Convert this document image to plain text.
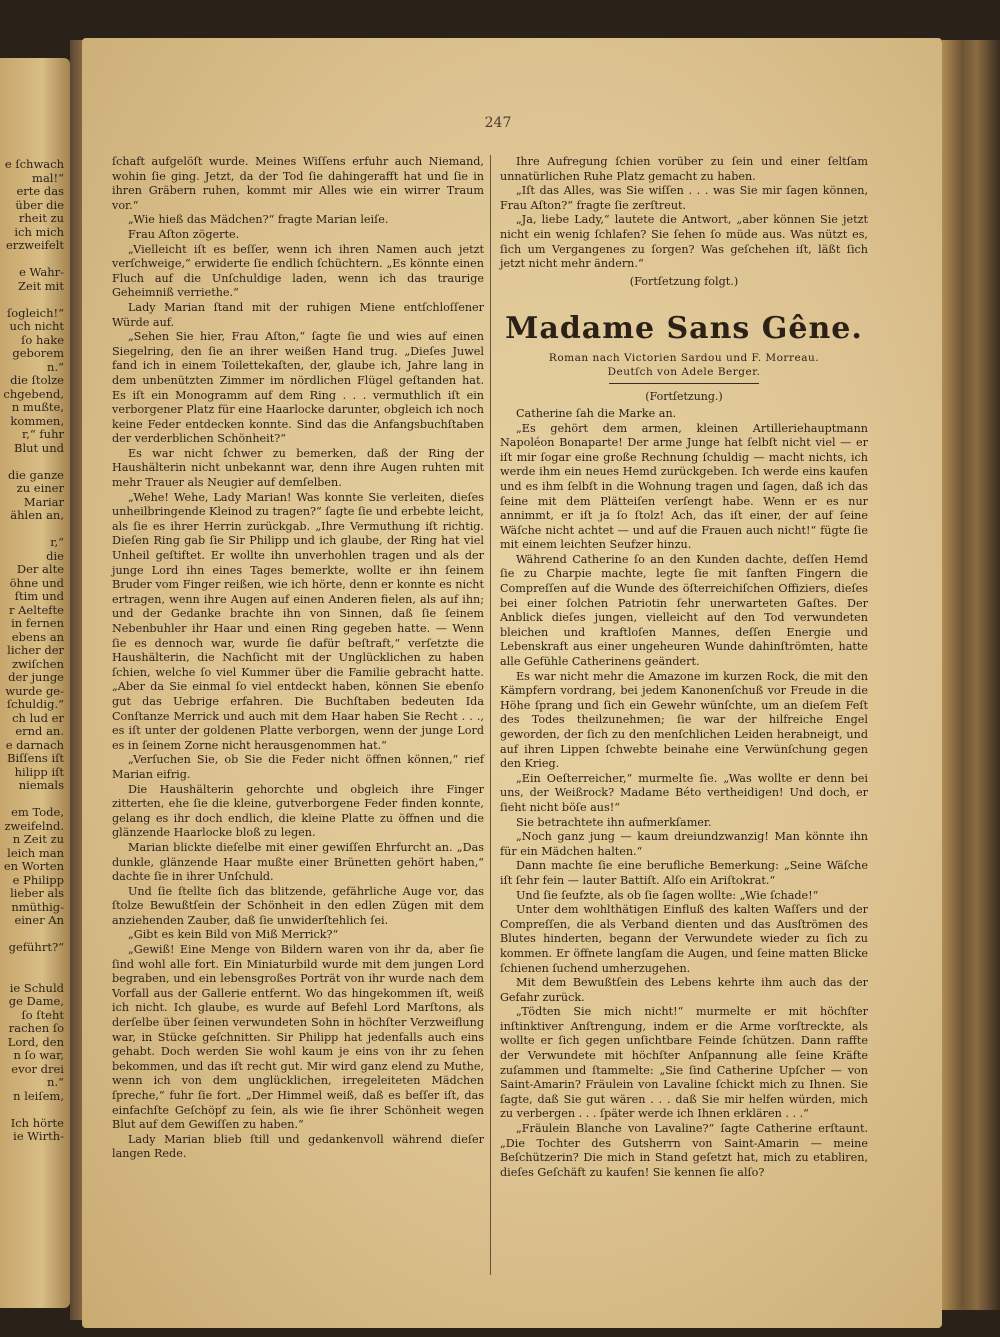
e ſchwach
mal!“
erte das
über die
rheit zu
ich mich
erzweifelt
e Wahr-
Zeit mit
ſogleich!“
uch nicht
ſo hake
geborem
n.“
die ſtolze
chgebend,
n mußte,
kommen,
r,“ fuhr
Blut und
die ganze
zu einer
Mariar
ählen an,
r,“
die
Der alte
öhne und
ſtim und
r Aeltefte
in fernen
ebens an
licher der
zwiſchen
der junge
wurde ge-
ſchuldig.“
ch lud er
ernd an.
e darnach
Biſſens iſt
hilipp iſt
niemals
em Tode,
zweifelnd.
n Zeit zu
leich man
en Worten
e Philipp
lieber als
nmüthig-
einer An
geführt?“
ie Schuld
ge Dame,
ſo ſteht
rachen ſo
Lord, den
n ſo war,
evor drei
n.“
n leiſem,
Ich hörte
ie Wirth-
247

ſchaft aufgelöſt wurde. Meines Wiſſens erfuhr auch Niemand, wohin ſie ging. Jetzt, da der Tod ſie dahingerafft hat und ſie in ihren Gräbern ruhen, kommt mir Alles wie ein wirrer Traum vor.“

„Wie hieß das Mädchen?“ fragte Marian leiſe.

Frau Aſton zögerte.

„Vielleicht iſt es beſſer, wenn ich ihren Namen auch jetzt verſchweige,“ erwiderte ſie endlich ſchüchtern. „Es könnte einen Fluch auf die Unſchuldige laden, wenn ich das traurige Geheimniß verriethe.“

Lady Marian ſtand mit der ruhigen Miene entſchloſſener Würde auf.

„Sehen Sie hier, Frau Aſton,“ ſagte ſie und wies auf einen Siegelring, den ſie an ihrer weißen Hand trug. „Dieſes Juwel fand ich in einem Toilettekaſten, der, glaube ich, Jahre lang in dem unbenützten Zimmer im nördlichen Flügel geſtanden hat. Es iſt ein Monogramm auf dem Ring . . . vermuthlich iſt ein verborgener Platz für eine Haarlocke darunter, obgleich ich noch keine Feder entdecken konnte. Sind das die Anfangsbuchſtaben der verderblichen Schönheit?“

Es war nicht ſchwer zu bemerken, daß der Ring der Haushälterin nicht unbekannt war, denn ihre Augen ruhten mit mehr Trauer als Neugier auf demſelben.

„Wehe! Wehe, Lady Marian! Was konnte Sie verleiten, dieſes unheilbringende Kleinod zu tragen?“ ſagte ſie und erbebte leicht, als ſie es ihrer Herrin zurückgab. „Ihre Vermuthung iſt richtig. Dieſen Ring gab ſie Sir Philipp und ich glaube, der Ring hat viel Unheil geſtiftet. Er wollte ihn unverhohlen tragen und als der junge Lord ihn eines Tages bemerkte, wollte er ihn ſeinem Bruder vom Finger reißen, wie ich hörte, denn er konnte es nicht ertragen, wenn ihre Augen auf einen Anderen fielen, als auf ihn; und der Gedanke brachte ihn von Sinnen, daß ſie ſeinem Nebenbuhler ihr Haar und einen Ring gegeben hatte. — Wenn ſie es dennoch war, wurde ſie dafür beſtraft,“ verſetzte die Haushälterin, die Nachſicht mit der Unglücklichen zu haben ſchien, welche ſo viel Kummer über die Familie gebracht hatte. „Aber da Sie einmal ſo viel entdeckt haben, können Sie ebenſo gut das Uebrige erfahren. Die Buchſtaben bedeuten Ida Conſtanze Merrick und auch mit dem Haar haben Sie Recht . . ., es iſt unter der goldenen Platte verborgen, wenn der junge Lord es in ſeinem Zorne nicht herausgenommen hat.“

„Verſuchen Sie, ob Sie die Feder nicht öffnen können,“ rief Marian eifrig.

Die Haushälterin gehorchte und obgleich ihre Finger zitterten, ehe ſie die kleine, gutverborgene Feder finden konnte, gelang es ihr doch endlich, die kleine Platte zu öffnen und die glänzende Haarlocke bloß zu legen.

Marian blickte dieſelbe mit einer gewiſſen Ehrfurcht an. „Das dunkle, glänzende Haar mußte einer Brünetten gehört haben,“ dachte ſie in ihrer Unſchuld.

Und ſie ſtellte ſich das blitzende, gefährliche Auge vor, das ſtolze Bewußtſein der Schönheit in den edlen Zügen mit dem anziehenden Zauber, daß ſie unwiderſtehlich ſei.

„Gibt es kein Bild von Miß Merrick?“

„Gewiß! Eine Menge von Bildern waren von ihr da, aber ſie ſind wohl alle fort. Ein Miniaturbild wurde mit dem jungen Lord begraben, und ein lebensgroßes Porträt von ihr wurde nach dem Vorfall aus der Gallerie entfernt. Wo das hingekommen iſt, weiß ich nicht. Ich glaube, es wurde auf Befehl Lord Marſtons, als derſelbe über ſeinen verwundeten Sohn in höchſter Verzweiflung war, in Stücke geſchnitten. Sir Philipp hat jedenfalls auch eins gehabt. Doch werden Sie wohl kaum je eins von ihr zu ſehen bekommen, und das iſt recht gut. Mir wird ganz elend zu Muthe, wenn ich von dem unglücklichen, irregeleiteten Mädchen ſpreche,“ fuhr ſie fort. „Der Himmel weiß, daß es beſſer iſt, das einfachſte Geſchöpf zu ſein, als wie ſie ihrer Schönheit wegen Blut auf dem Gewiſſen zu haben.“

Lady Marian blieb ſtill und gedankenvoll während dieſer langen Rede.

Ihre Aufregung ſchien vorüber zu ſein und einer ſeltſam unnatürlichen Ruhe Platz gemacht zu haben.

„Iſt das Alles, was Sie wiſſen . . . was Sie mir ſagen können, Frau Aſton?“ fragte ſie zerſtreut.

„Ja, liebe Lady,“ lautete die Antwort, „aber können Sie jetzt nicht ein wenig ſchlafen? Sie ſehen ſo müde aus. Was nützt es, ſich um Vergangenes zu ſorgen? Was geſchehen iſt, läßt ſich jetzt nicht mehr ändern.“

(Fortſetzung folgt.)

Madame Sans Gêne.
Roman nach Victorien Sardou und F. Morreau.
Deutſch von Adele Berger.
(Fortſetzung.)

Catherine ſah die Marke an.

„Es gehört dem armen, kleinen Artilleriehauptmann Napoléon Bonaparte! Der arme Junge hat ſelbſt nicht viel — er iſt mir ſogar eine große Rechnung ſchuldig — macht nichts, ich werde ihm ein neues Hemd zurückgeben. Ich werde eins kaufen und es ihm ſelbſt in die Wohnung tragen und ſagen, daß ich das ſeine mit dem Plätteiſen verſengt habe. Wenn er es nur annimmt, er iſt ja ſo ſtolz! Ach, das iſt einer, der auf ſeine Wäſche nicht achtet — und auf die Frauen auch nicht!“ fügte ſie mit einem leichten Seufzer hinzu.

Während Catherine ſo an den Kunden dachte, deſſen Hemd ſie zu Charpie machte, legte ſie mit ſanften Fingern die Compreſſen auf die Wunde des öſterreichiſchen Offiziers, dieſes bei einer ſolchen Patriotin ſehr unerwarteten Gaſtes. Der Anblick dieſes jungen, vielleicht auf den Tod verwundeten bleichen und kraftloſen Mannes, deſſen Energie und Lebenskraft aus einer ungeheuren Wunde dahinſtrömten, hatte alle Gefühle Catherinens geändert.

Es war nicht mehr die Amazone im kurzen Rock, die mit den Kämpfern vordrang, bei jedem Kanonenſchuß vor Freude in die Höhe ſprang und ſich ein Gewehr wünſchte, um an dieſem Feſt des Todes theilzunehmen; ſie war der hilfreiche Engel geworden, der ſich zu den menſchlichen Leiden herabneigt, und auf ihren Lippen ſchwebte beinahe eine Verwünſchung gegen den Krieg.

„Ein Oeſterreicher,“ murmelte ſie. „Was wollte er denn bei uns, der Weißrock? Madame Béto vertheidigen! Und doch, er ſieht nicht böſe aus!“

Sie betrachtete ihn aufmerkſamer.

„Noch ganz jung — kaum dreiundzwanzig! Man könnte ihn für ein Mädchen halten.“

Dann machte ſie eine berufliche Bemerkung: „Seine Wäſche iſt ſehr fein — lauter Battiſt. Alſo ein Ariſtokrat.“

Und ſie ſeufzte, als ob ſie ſagen wollte: „Wie ſchade!“

Unter dem wohlthätigen Einfluß des kalten Waſſers und der Compreſſen, die als Verband dienten und das Ausſtrömen des Blutes hinderten, begann der Verwundete wieder zu ſich zu kommen. Er öffnete langſam die Augen, und ſeine matten Blicke ſchienen ſuchend umherzugehen.

Mit dem Bewußtſein des Lebens kehrte ihm auch das der Gefahr zurück.

„Tödten Sie mich nicht!“ murmelte er mit höchſter inſtinktiver Anſtrengung, indem er die Arme vorſtreckte, als wollte er ſich gegen unſichtbare Feinde ſchützen. Dann raffte der Verwundete mit höchſter Anſpannung alle ſeine Kräfte zuſammen und ſtammelte: „Sie ſind Catherine Upſcher — von Saint-Amarin? Fräulein von Lavaline ſchickt mich zu Ihnen. Sie ſagte, daß Sie gut wären . . . daß Sie mir helfen würden, mich zu verbergen . . . ſpäter werde ich Ihnen erklären . . .“

„Fräulein Blanche von Lavaline?“ ſagte Catherine erſtaunt. „Die Tochter des Gutsherrn von Saint-Amarin — meine Beſchützerin? Die mich in Stand geſetzt hat, mich zu etabliren, dieſes Geſchäft zu kaufen! Sie kennen ſie alſo?
